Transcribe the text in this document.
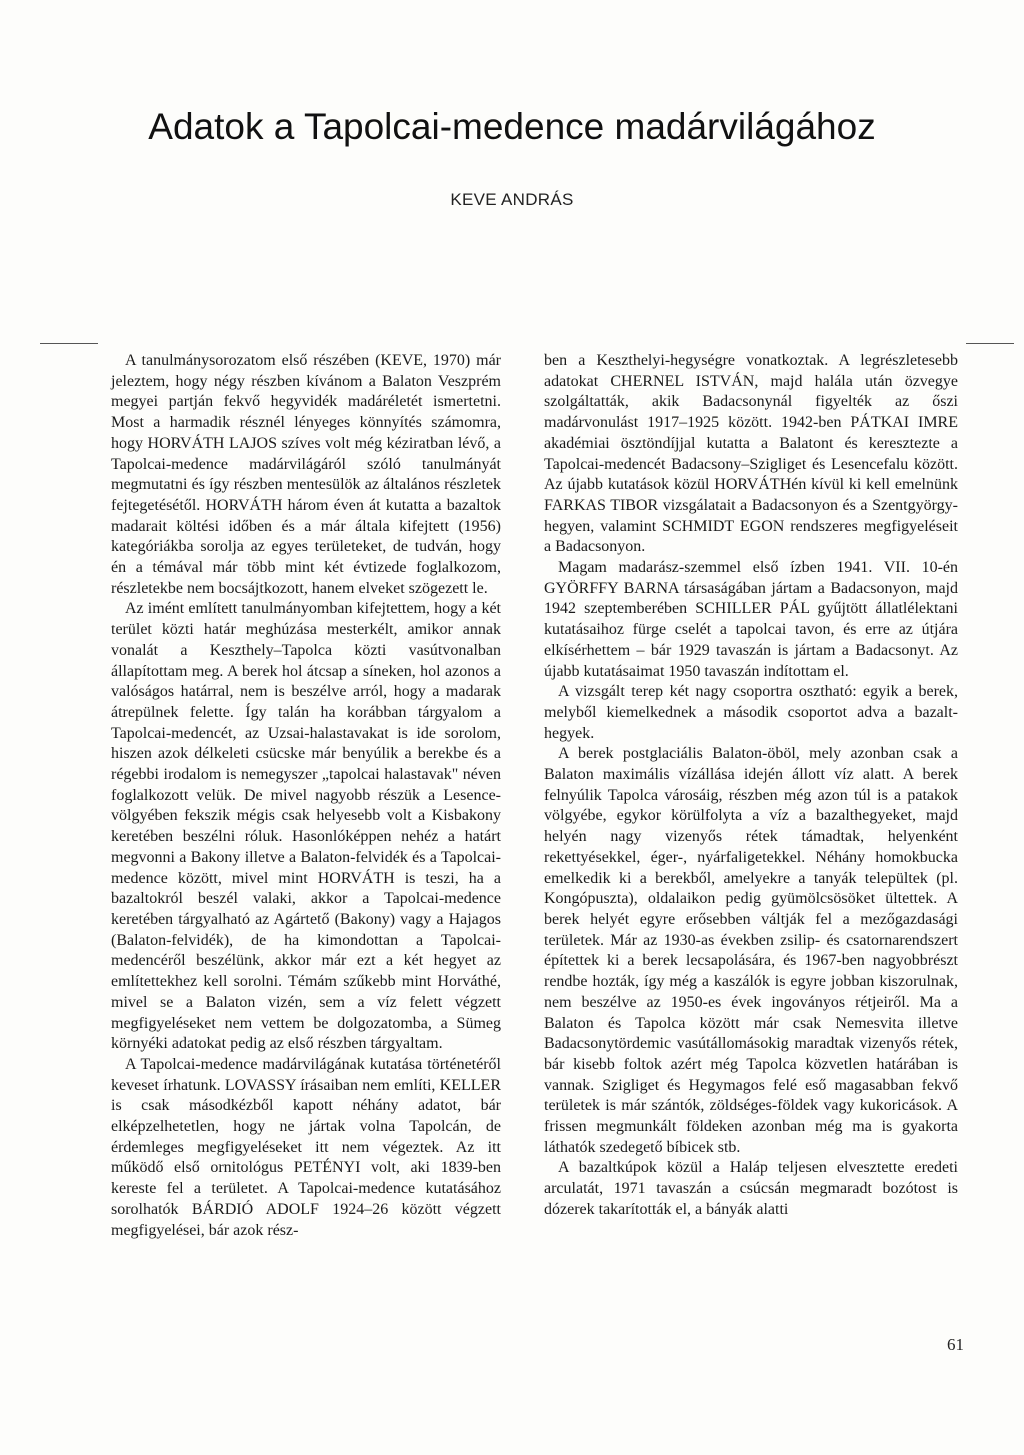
Adatok a Tapolcai-medence madárvilágához
KEVE ANDRÁS

A tanulmánysorozatom első részében (KEVE, 1970) már jeleztem, hogy négy részben kívánom a Balaton Veszprém megyei partján fekvő hegyvidék madáréletét ismertetni. Most a harmadik résznél lényeges könnyítés számomra, hogy HORVÁTH LAJOS szíves volt még kéziratban lévő, a Tapolcai-medence madárvilágáról szóló tanulmányát megmutatni és így részben mentesülök az általános részletek fejtegetésétől. HORVÁTH három éven át kutatta a bazaltok madarait költési időben és a már általa kifejtett (1956) kategóriákba sorolja az egyes területeket, de tudván, hogy én a témával már több mint két évtizede foglalkozom, részletekbe nem bocsájtkozott, hanem elveket szögezett le.

Az imént említett tanulmányomban kifejtettem, hogy a két terület közti határ meghúzása mesterkélt, amikor annak vonalát a Keszthely–Tapolca közti vasútvonalban állapítottam meg. A berek hol átcsap a síneken, hol azonos a valóságos határral, nem is beszélve arról, hogy a madarak átrepülnek felette. Így talán ha korábban tárgyalom a Tapolcai-medencét, az Uzsai-halastavakat is ide sorolom, hiszen azok délkeleti csücske már benyúlik a berekbe és a régebbi irodalom is nemegyszer „tapolcai halastavak" néven foglalkozott velük. De mivel nagyobb részük a Lesence-völgyében fekszik mégis csak helyesebb volt a Kisbakony keretében beszélni róluk. Hasonlóképpen nehéz a határt megvonni a Bakony illetve a Balaton-felvidék és a Tapolcai-medence között, mivel mint HORVÁTH is teszi, ha a bazaltokról beszél valaki, akkor a Tapolcai-medence keretében tárgyalható az Agártető (Bakony) vagy a Hajagos (Balaton-felvidék), de ha kimondottan a Tapolcai-medencéről beszélünk, akkor már ezt a két hegyet az említettekhez kell sorolni. Témám szűkebb mint Horváthé, mivel se a Balaton vizén, sem a víz felett végzett megfigyeléseket nem vettem be dolgozatomba, a Sümeg környéki adatokat pedig az első részben tárgyaltam.

A Tapolcai-medence madárvilágának kutatása történetéről keveset írhatunk. LOVASSY írásaiban nem említi, KELLER is csak másodkézből kapott néhány adatot, bár elképzelhetetlen, hogy ne jártak volna Tapolcán, de érdemleges megfigyeléseket itt nem végeztek. Az itt működő első ornitológus PETÉNYI volt, aki 1839-ben kereste fel a területet. A Tapolcai-medence kutatásához sorolhatók BÁRDIÓ ADOLF 1924–26 között végzett megfigyelései, bár azok rész-

ben a Keszthelyi-hegységre vonatkoztak. A legrészletesebb adatokat CHERNEL ISTVÁN, majd halála után özvegye szolgáltatták, akik Badacsonynál figyelték az őszi madárvonulást 1917–1925 között. 1942-ben PÁTKAI IMRE akadémiai ösztöndíjjal kutatta a Balatont és keresztezte a Tapolcai-medencét Badacsony–Szigliget és Lesencefalu között. Az újabb kutatások közül HORVÁTHén kívül ki kell emelnünk FARKAS TIBOR vizsgálatait a Badacsonyon és a Szentgyörgy-hegyen, valamint SCHMIDT EGON rendszeres megfigyeléseit a Badacsonyon.

Magam madarász-szemmel első ízben 1941. VII. 10-én GYÖRFFY BARNA társaságában jártam a Badacsonyon, majd 1942 szeptemberében SCHILLER PÁL gyűjtött állatlélektani kutatásaihoz fürge cselét a tapolcai tavon, és erre az útjára elkísérhettem – bár 1929 tavaszán is jártam a Badacsonyt. Az újabb kutatásaimat 1950 tavaszán indítottam el.

A vizsgált terep két nagy csoportra osztható: egyik a berek, melyből kiemelkednek a második csoportot adva a bazalt-hegyek.

A berek postglaciális Balaton-öböl, mely azonban csak a Balaton maximális vízállása idején állott víz alatt. A berek felnyúlik Tapolca városáig, részben még azon túl is a patakok völgyébe, egykor körülfolyta a víz a bazalthegyeket, majd helyén nagy vizenyős rétek támadtak, helyenként rekettyésekkel, éger-, nyárfaligetekkel. Néhány homokbucka emelkedik ki a berekből, amelyekre a tanyák települtek (pl. Kongópuszta), oldalaikon pedig gyümölcsösöket ültettek. A berek helyét egyre erősebben váltják fel a mezőgazdasági területek. Már az 1930-as években zsilip- és csatornarendszert építettek ki a berek lecsapolására, és 1967-ben nagyobbrészt rendbe hozták, így még a kaszálók is egyre jobban kiszorulnak, nem beszélve az 1950-es évek ingoványos rétjeiről. Ma a Balaton és Tapolca között már csak Nemesvita illetve Badacsonytördemic vasútállomásokig maradtak vizenyős rétek, bár kisebb foltok azért még Tapolca közvetlen határában is vannak. Szigliget és Hegymagos felé eső magasabban fekvő területek is már szántók, zöldséges-földek vagy kukoricások. A frissen megmunkált földeken azonban még ma is gyakorta láthatók szedegető bíbicek stb.

A bazaltkúpok közül a Haláp teljesen elvesztette eredeti arculatát, 1971 tavaszán a csúcsán megmaradt bozótost is dózerek takarították el, a bányák alatti

61
